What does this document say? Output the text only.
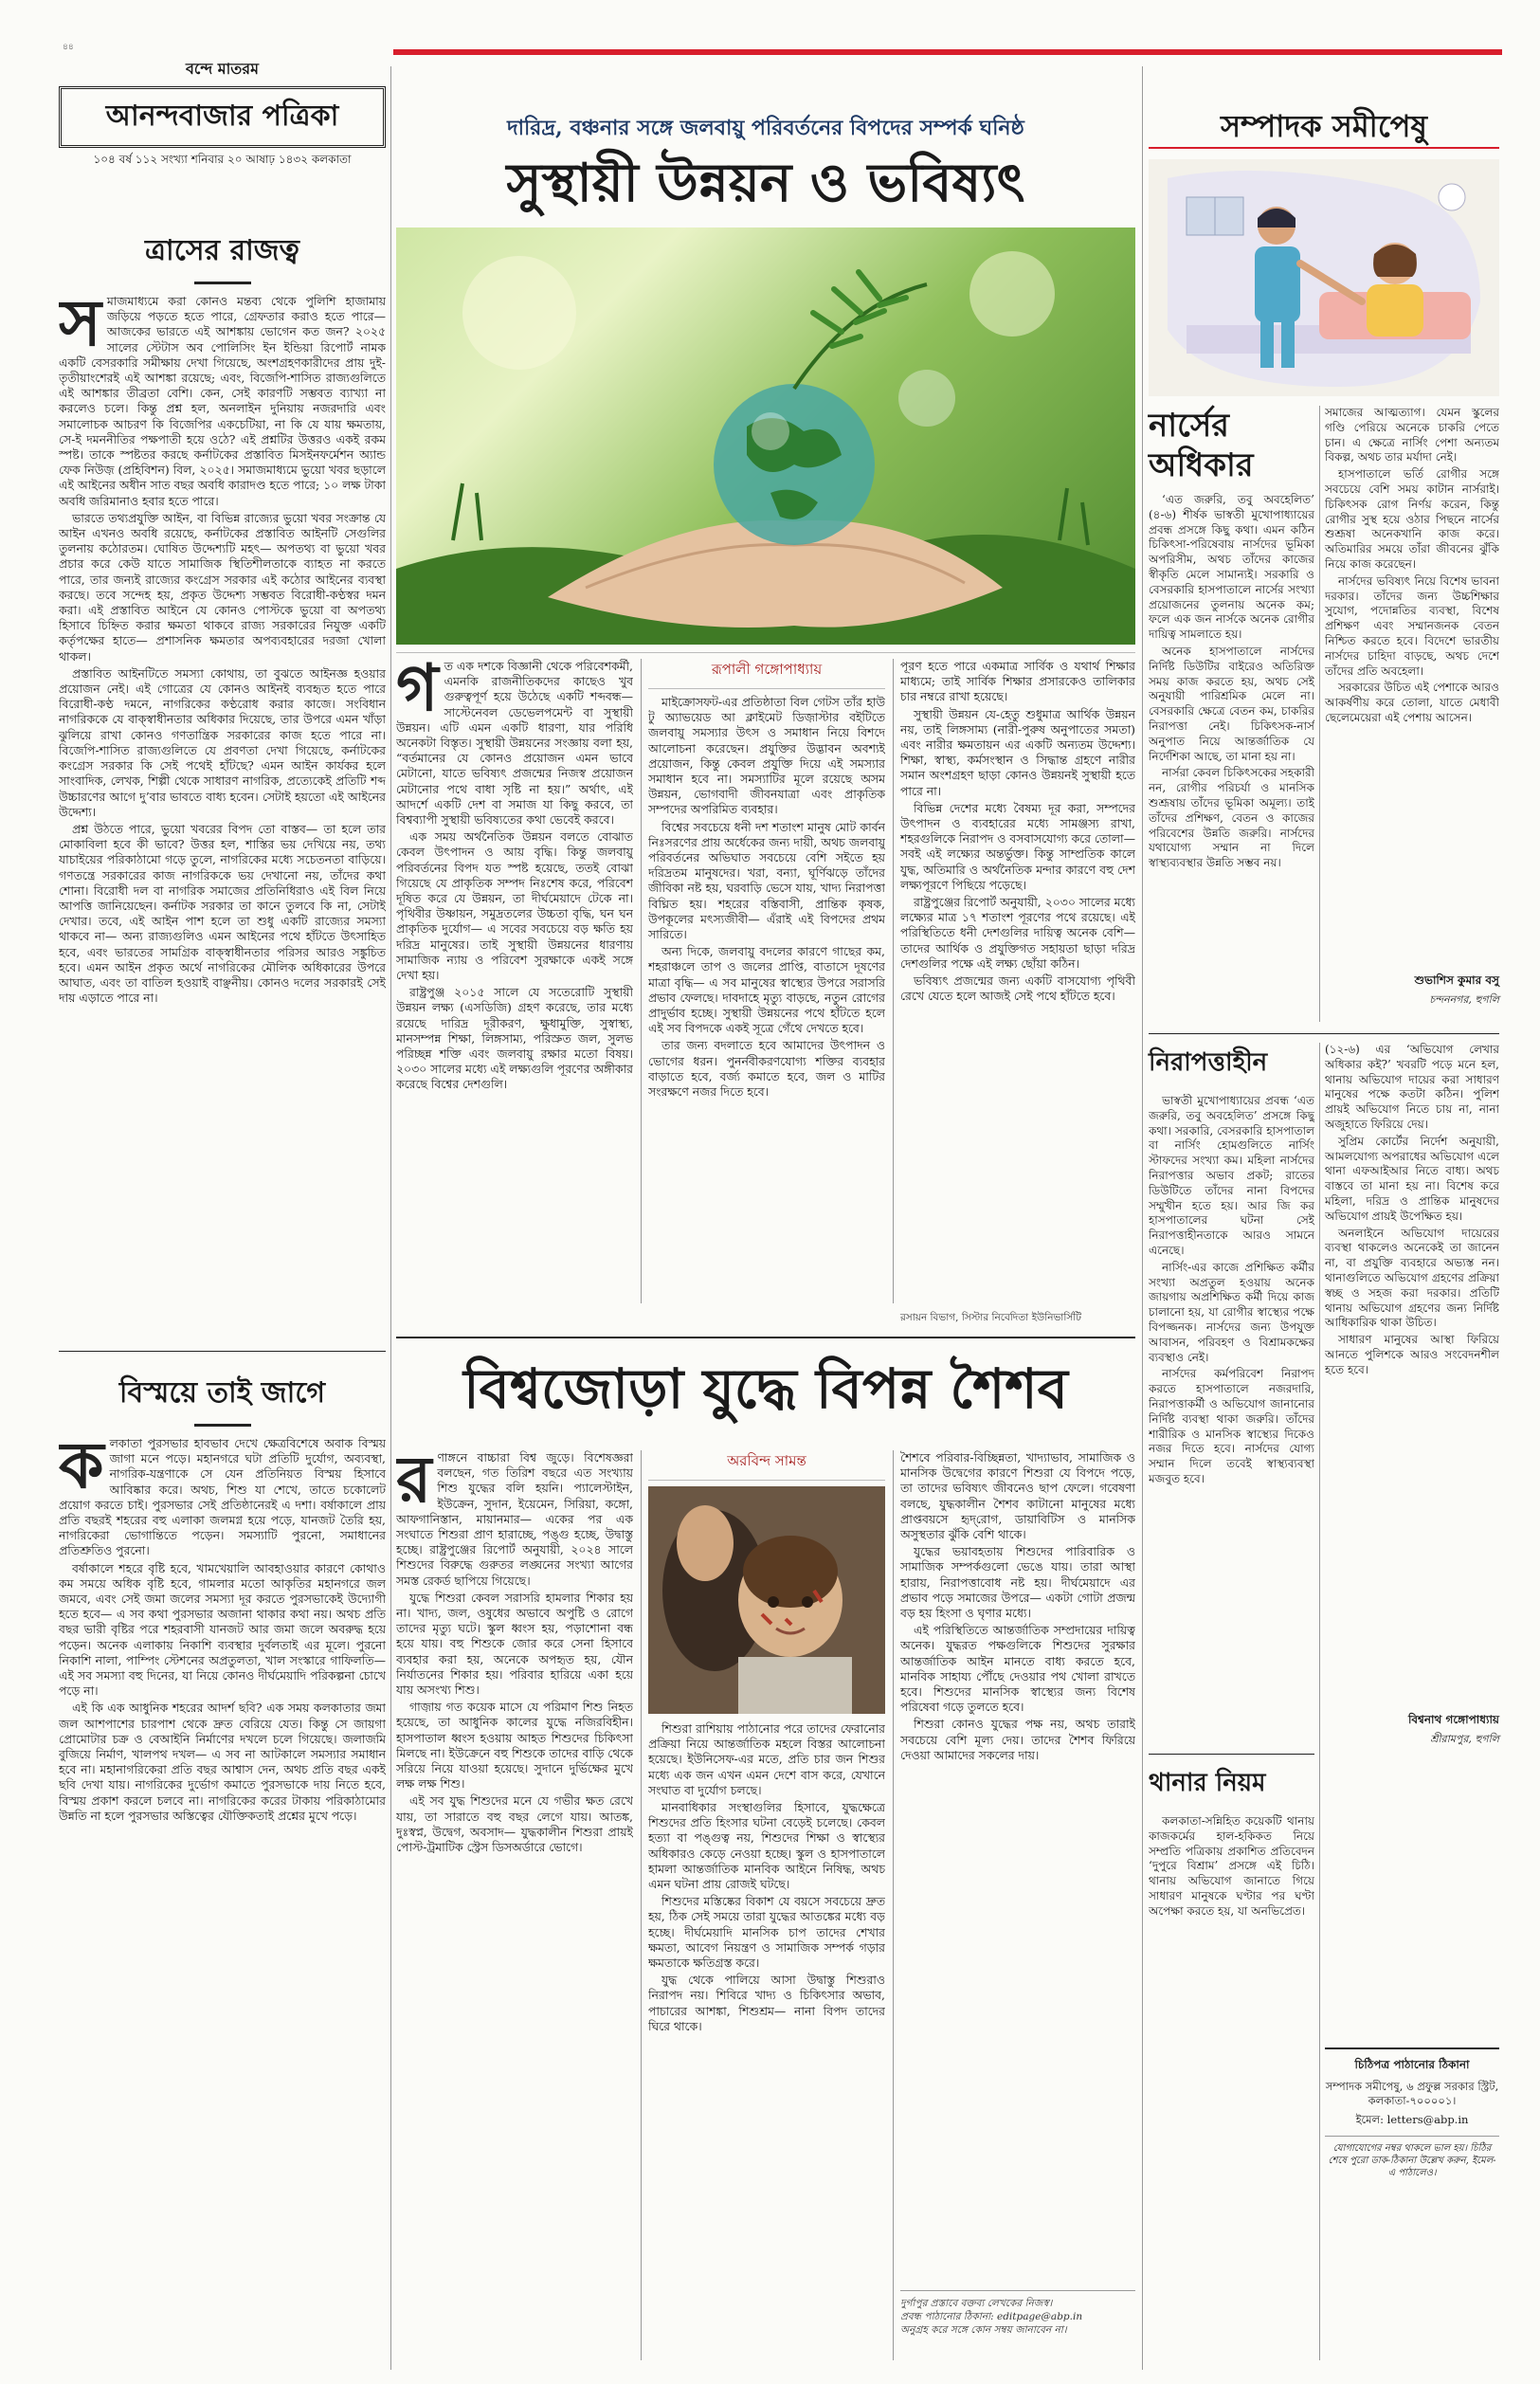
৪৪
বন্দে মাতরম
আনন্দবাজার পত্রিকা
১০৪ বর্ষ ১১২ সংখ্যা শনিবার ২০ আষাঢ় ১৪৩২ কলকাতা
ত্রাসের রাজত্ব
স মাজমাধ্যমে করা কোনও মন্তব্য থেকে পুলিশি হাজামায় জড়িয়ে পড়তে হতে পারে, গ্রেফতার করাও হতে পারে— আজকের ভারতে এই আশঙ্কায় ভোগেন কত জন? ২০২৫ সালের স্টেটাস অব পোলিসিং ইন ইন্ডিয়া রিপোর্ট নামক একটি বেসরকারি সমীক্ষায় দেখা গিয়েছে, অংশগ্রহণকারীদের প্রায় দুই-তৃতীয়াংশেরই এই আশঙ্কা রয়েছে; এবং, বিজেপি-শাসিত রাজ্যগুলিতে এই আশঙ্কার তীব্রতা বেশি। কেন, সেই কারণটি সম্ভবত ব্যাখ্যা না করলেও চলে। কিন্তু প্রশ্ন হল, অনলাইন দুনিয়ায় নজরদারি এবং সমালোচক আচরণ কি বিজেপির একচেটিয়া, না কি যে যায় ক্ষমতায়, সে-ই দমননীতির পক্ষপাতী হয়ে ওঠে? এই প্রশ্নটির উত্তরও একই রকম স্পষ্ট। তাকে স্পষ্টতর করছে কর্নাটকের প্রস্তাবিত মিসইনফর্মেশন অ্যান্ড ফেক নিউজ় (প্রহিবিশন) বিল, ২০২৫। সমাজমাধ্যমে ভুয়ো খবর ছড়ালে এই আইনের অধীন সাত বছর অবধি কারাদণ্ড হতে পারে; ১০ লক্ষ টাকা অবধি জরিমানাও হবার হতে পারে।

ভারতে তথ্যপ্রযুক্তি আইন, বা বিভিন্ন রাজ্যের ভুয়ো খবর সংক্রান্ত যে আইন এখনও অবধি রয়েছে, কর্নাটকের প্রস্তাবিত আইনটি সেগুলির তুলনায় কঠোরতম। ঘোষিত উদ্দেশ্যটি মহৎ— অপতথ্য বা ভুয়ো খবর প্রচার করে কেউ যাতে সামাজিক স্থিতিশীলতাকে ব্যাহত না করতে পারে, তার জন্যই রাজ্যের কংগ্রেস সরকার এই কঠোর আইনের ব্যবস্থা করছে। তবে সন্দেহ হয়, প্রকৃত উদ্দেশ্য সম্ভবত বিরোধী-কণ্ঠস্বর দমন করা। এই প্রস্তাবিত আইনে যে কোনও পোস্টকে ভুয়ো বা অপতথ্য হিসাবে চিহ্নিত করার ক্ষমতা থাকবে রাজ্য সরকারের নিযুক্ত একটি কর্তৃপক্ষের হাতে— প্রশাসনিক ক্ষমতার অপব্যবহারের দরজা খোলা থাকল।

প্রস্তাবিত আইনটিতে সমস্যা কোথায়, তা বুঝতে আইনজ্ঞ হওয়ার প্রয়োজন নেই। এই গোত্রের যে কোনও আইনই ব্যবহৃত হতে পারে বিরোধী-কণ্ঠ দমনে, নাগরিকের কণ্ঠরোধ করার কাজে। সংবিধান নাগরিককে যে বাক্‌স্বাধীনতার অধিকার দিয়েছে, তার উপরে এমন খাঁড়া ঝুলিয়ে রাখা কোনও গণতান্ত্রিক সরকারের কাজ হতে পারে না। বিজেপি-শাসিত রাজ্যগুলিতে যে প্রবণতা দেখা গিয়েছে, কর্নাটকের কংগ্রেস সরকার কি সেই পথেই হাঁটছে? এমন আইন কার্যকর হলে সাংবাদিক, লেখক, শিল্পী থেকে সাধারণ নাগরিক, প্রত্যেকেই প্রতিটি শব্দ উচ্চারণের আগে দু’বার ভাবতে বাধ্য হবেন। সেটাই হয়তো এই আইনের উদ্দেশ্য।

প্রশ্ন উঠতে পারে, ভুয়ো খবরের বিপদ তো বাস্তব— তা হলে তার মোকাবিলা হবে কী ভাবে? উত্তর হল, শাস্তির ভয় দেখিয়ে নয়, তথ্য যাচাইয়ের পরিকাঠামো গড়ে তুলে, নাগরিকের মধ্যে সচেতনতা বাড়িয়ে। গণতন্ত্রে সরকারের কাজ নাগরিককে ভয় দেখানো নয়, তাঁদের কথা শোনা। বিরোধী দল বা নাগরিক সমাজের প্রতিনিধিরাও এই বিল নিয়ে আপত্তি জানিয়েছেন। কর্নাটক সরকার তা কানে তুলবে কি না, সেটাই দেখার। তবে, এই আইন পাশ হলে তা শুধু একটি রাজ্যের সমস্যা থাকবে না— অন্য রাজ্যগুলিও এমন আইনের পথে হাঁটতে উৎসাহিত হবে, এবং ভারতের সামগ্রিক বাক্‌স্বাধীনতার পরিসর আরও সঙ্কুচিত হবে। এমন আইন প্রকৃত অর্থে নাগরিকের মৌলিক অধিকারের উপরে আঘাত, এবং তা বাতিল হওয়াই বাঞ্ছনীয়। কোনও দলের সরকারই সেই দায় এড়াতে পারে না।

বিস্ময়ে তাই জাগে
ক লকাতা পুরসভার হাবভাব দেখে ক্ষেত্রবিশেষে অবাক বিস্ময় জাগা মনে পড়ে। মহানগরে ঘটা প্রতিটি দুর্যোগ, অব্যবস্থা, নাগরিক-যন্ত্রণাকে সে যেন প্রতিনিয়ত বিস্ময় হিসাবে আবিষ্কার করে। অথচ, শিশু যা শেখে, তাতে চকোলেট প্রয়োগ করতে চাই। পুরসভার সেই প্রতিষ্ঠানেরই এ দশা। বর্ষাকালে প্রায় প্রতি বছরই শহরের বহু এলাকা জলমগ্ন হয়ে পড়ে, যানজট তৈরি হয়, নাগরিকেরা ভোগান্তিতে পড়েন। সমস্যাটি পুরনো, সমাধানের প্রতিশ্রুতিও পুরনো।

বর্ষাকালে শহরে বৃষ্টি হবে, খামখেয়ালি আবহাওয়ার কারণে কোথাও কম সময়ে অধিক বৃষ্টি হবে, গামলার মতো আকৃতির মহানগরে জল জমবে, এবং সেই জমা জলের সমস্যা দূর করতে পুরসভাকেই উদ্যোগী হতে হবে— এ সব কথা পুরসভার অজানা থাকার কথা নয়। অথচ প্রতি বছর ভারী বৃষ্টির পরে শহরবাসী যানজট আর জমা জলে অবরুদ্ধ হয়ে পড়েন। অনেক এলাকায় নিকাশি ব্যবস্থার দুর্বলতাই এর মূলে। পুরনো নিকাশি নালা, পাম্পিং স্টেশনের অপ্রতুলতা, খাল সংস্কারে গাফিলতি— এই সব সমস্যা বহু দিনের, যা নিয়ে কোনও দীর্ঘমেয়াদি পরিকল্পনা চোখে পড়ে না।

এই কি এক আধুনিক শহরের আদর্শ ছবি? এক সময় কলকাতার জমা জল আশপাশের চারপাশ থেকে দ্রুত বেরিয়ে যেত। কিন্তু সে জায়গা প্রোমোটার চক্র ও বেআইনি নির্মাণের দখলে চলে গিয়েছে। জলাজমি বুজিয়ে নির্মাণ, খালপথ দখল— এ সব না আটকালে সমস্যার সমাধান হবে না। মহানাগরিকেরা প্রতি বছর আশ্বাস দেন, অথচ প্রতি বছর একই ছবি দেখা যায়। নাগরিকের দুর্ভোগ কমাতে পুরসভাকে দায় নিতে হবে, বিস্ময় প্রকাশ করলে চলবে না। নাগরিকের করের টাকায় পরিকাঠামোর উন্নতি না হলে পুরসভার অস্তিত্বের যৌক্তিকতাই প্রশ্নের মুখে পড়ে।

দারিদ্র, বঞ্চনার সঙ্গে জলবায়ু পরিবর্তনের বিপদের সম্পর্ক ঘনিষ্ঠ
সুস্থায়ী উন্নয়ন ও ভবিষ্যৎ
গ ত এক দশকে বিজ্ঞানী থেকে পরিবেশকর্মী, এমনকি রাজনীতিকদের কাছেও খুব গুরুত্বপূর্ণ হয়ে উঠেছে একটি শব্দবন্ধ— সাস্টেনেবল ডেভেলপমেন্ট বা সুস্থায়ী উন্নয়ন। এটি এমন একটি ধারণা, যার পরিধি অনেকটা বিস্তৃত। সুস্থায়ী উন্নয়নের সংজ্ঞায় বলা হয়, “বর্তমানের যে কোনও প্রয়োজন এমন ভাবে মেটানো, যাতে ভবিষ্যৎ প্রজন্মের নিজস্ব প্রয়োজন মেটানোর পথে বাধা সৃষ্টি না হয়।” অর্থাৎ, এই আদর্শে একটি দেশ বা সমাজ যা কিছু করবে, তা বিশ্বব্যাপী সুস্থায়ী ভবিষ্যতের কথা ভেবেই করবে।

এক সময় অর্থনৈতিক উন্নয়ন বলতে বোঝাত কেবল উৎপাদন ও আয় বৃদ্ধি। কিন্তু জলবায়ু পরিবর্তনের বিপদ যত স্পষ্ট হয়েছে, ততই বোঝা গিয়েছে যে প্রাকৃতিক সম্পদ নিঃশেষ করে, পরিবেশ দূষিত করে যে উন্নয়ন, তা দীর্ঘমেয়াদে টেকে না। পৃথিবীর উষ্ণায়ন, সমুদ্রতলের উচ্চতা বৃদ্ধি, ঘন ঘন প্রাকৃতিক দুর্যোগ— এ সবের সবচেয়ে বড় ক্ষতি হয় দরিদ্র মানুষের। তাই সুস্থায়ী উন্নয়নের ধারণায় সামাজিক ন্যায় ও পরিবেশ সুরক্ষাকে একই সঙ্গে দেখা হয়।

রাষ্ট্রপুঞ্জ ২০১৫ সালে যে সতেরোটি সুস্থায়ী উন্নয়ন লক্ষ্য (এসডিজি) গ্রহণ করেছে, তার মধ্যে রয়েছে দারিদ্র দূরীকরণ, ক্ষুধামুক্তি, সুস্বাস্থ্য, মানসম্পন্ন শিক্ষা, লিঙ্গসাম্য, পরিস্রুত জল, সুলভ পরিচ্ছন্ন শক্তি এবং জলবায়ু রক্ষার মতো বিষয়। ২০৩০ সালের মধ্যে এই লক্ষ্যগুলি পূরণের অঙ্গীকার করেছে বিশ্বের দেশগুলি।

রূপালী গঙ্গোপাধ্যায়

মাইক্রোসফট-এর প্রতিষ্ঠাতা বিল গেটস তাঁর হাউ টু অ্যাভয়েড আ ক্লাইমেট ডিজ়াস্টার বইটিতে জলবায়ু সমস্যার উৎস ও সমাধান নিয়ে বিশদে আলোচনা করেছেন। প্রযুক্তির উদ্ভাবন অবশ্যই প্রয়োজন, কিন্তু কেবল প্রযুক্তি দিয়ে এই সমস্যার সমাধান হবে না। সমস্যাটির মূলে রয়েছে অসম উন্নয়ন, ভোগবাদী জীবনযাত্রা এবং প্রাকৃতিক সম্পদের অপরিমিত ব্যবহার।

বিশ্বের সবচেয়ে ধনী দশ শতাংশ মানুষ মোট কার্বন নিঃসরণের প্রায় অর্ধেকের জন্য দায়ী, অথচ জলবায়ু পরিবর্তনের অভিঘাত সবচেয়ে বেশি সইতে হয় দরিদ্রতম মানুষদের। খরা, বন্যা, ঘূর্ণিঝড়ে তাঁদের জীবিকা নষ্ট হয়, ঘরবাড়ি ভেসে যায়, খাদ্য নিরাপত্তা বিঘ্নিত হয়। শহরের বস্তিবাসী, প্রান্তিক কৃষক, উপকূলের মৎস্যজীবী— এঁরাই এই বিপদের প্রথম সারিতে।

অন্য দিকে, জলবায়ু বদলের কারণে গাছের কম, শহরাঞ্চলে তাপ ও জলের প্রাপ্তি, বাতাসে দূষণের মাত্রা বৃদ্ধি— এ সব মানুষের স্বাস্থ্যের উপরে সরাসরি প্রভাব ফেলছে। দাবদাহে মৃত্যু বাড়ছে, নতুন রোগের প্রাদুর্ভাব হচ্ছে। সুস্থায়ী উন্নয়নের পথে হাঁটতে হলে এই সব বিপদকে একই সূত্রে গেঁথে দেখতে হবে।

তার জন্য বদলাতে হবে আমাদের উৎপাদন ও ভোগের ধরন। পুনর্নবীকরণযোগ্য শক্তির ব্যবহার বাড়াতে হবে, বর্জ্য কমাতে হবে, জল ও মাটির সংরক্ষণে নজর দিতে হবে।

পূরণ হতে পারে একমাত্র সার্বিক ও যথার্থ শিক্ষার মাধ্যমে; তাই সার্বিক শিক্ষার প্রসারকেও তালিকার চার নম্বরে রাখা হয়েছে।

সুস্থায়ী উন্নয়ন যে-হেতু শুধুমাত্র আর্থিক উন্নয়ন নয়, তাই লিঙ্গসাম্য (নারী-পুরুষ অনুপাতের সমতা) এবং নারীর ক্ষমতায়ন এর একটি অন্যতম উদ্দেশ্য। শিক্ষা, স্বাস্থ্য, কর্মসংস্থান ও সিদ্ধান্ত গ্রহণে নারীর সমান অংশগ্রহণ ছাড়া কোনও উন্নয়নই সুস্থায়ী হতে পারে না।

বিভিন্ন দেশের মধ্যে বৈষম্য দূর করা, সম্পদের উৎপাদন ও ব্যবহারের মধ্যে সামঞ্জস্য রাখা, শহরগুলিকে নিরাপদ ও বসবাসযোগ্য করে তোলা— সবই এই লক্ষ্যের অন্তর্ভুক্ত। কিন্তু সাম্প্রতিক কালে যুদ্ধ, অতিমারি ও অর্থনৈতিক মন্দার কারণে বহু দেশ লক্ষ্যপূরণে পিছিয়ে পড়েছে।

রাষ্ট্রপুঞ্জের রিপোর্ট অনুযায়ী, ২০৩০ সালের মধ্যে লক্ষ্যের মাত্র ১৭ শতাংশ পূরণের পথে রয়েছে। এই পরিস্থিতিতে ধনী দেশগুলির দায়িত্ব অনেক বেশি— তাদের আর্থিক ও প্রযুক্তিগত সহায়তা ছাড়া দরিদ্র দেশগুলির পক্ষে এই লক্ষ্য ছোঁয়া কঠিন।

ভবিষ্যৎ প্রজন্মের জন্য একটি বাসযোগ্য পৃথিবী রেখে যেতে হলে আজই সেই পথে হাঁটতে হবে।

রসায়ন বিভাগ, সিস্টার নিবেদিতা ইউনিভার্সিটি
বিশ্বজোড়া যুদ্ধে বিপন্ন শৈশব
র ণাঙ্গনে বাচ্চারা বিশ্ব জুড়ে। বিশেষজ্ঞরা বলছেন, গত তিরিশ বছরে এত সংখ্যায় শিশু যুদ্ধের বলি হয়নি। প্যালেস্টাইন, ইউক্রেন, সুদান, ইয়েমেন, সিরিয়া, কঙ্গো, আফগানিস্তান, মায়ানমার— একের পর এক সংঘাতে শিশুরা প্রাণ হারাচ্ছে, পঙ্গু হচ্ছে, উদ্বাস্তু হচ্ছে। রাষ্ট্রপুঞ্জের রিপোর্ট অনুযায়ী, ২০২৪ সালে শিশুদের বিরুদ্ধে গুরুতর লঙ্ঘনের সংখ্যা আগের সমস্ত রেকর্ড ছাপিয়ে গিয়েছে।

যুদ্ধে শিশুরা কেবল সরাসরি হামলার শিকার হয় না। খাদ্য, জল, ওষুধের অভাবে অপুষ্টি ও রোগে তাদের মৃত্যু ঘটে। স্কুল ধ্বংস হয়, পড়াশোনা বন্ধ হয়ে যায়। বহু শিশুকে জোর করে সেনা হিসাবে ব্যবহার করা হয়, অনেকে অপহৃত হয়, যৌন নির্যাতনের শিকার হয়। পরিবার হারিয়ে একা হয়ে যায় অসংখ্য শিশু।

গাজ়ায় গত কয়েক মাসে যে পরিমাণ শিশু নিহত হয়েছে, তা আধুনিক কালের যুদ্ধে নজিরবিহীন। হাসপাতাল ধ্বংস হওয়ায় আহত শিশুদের চিকিৎসা মিলছে না। ইউক্রেনে বহু শিশুকে তাদের বাড়ি থেকে সরিয়ে নিয়ে যাওয়া হয়েছে। সুদানে দুর্ভিক্ষের মুখে লক্ষ লক্ষ শিশু।

এই সব যুদ্ধ শিশুদের মনে যে গভীর ক্ষত রেখে যায়, তা সারাতে বহু বছর লেগে যায়। আতঙ্ক, দুঃস্বপ্ন, উদ্বেগ, অবসাদ— যুদ্ধকালীন শিশুরা প্রায়ই পোস্ট-ট্রমাটিক স্ট্রেস ডিসঅর্ডারে ভোগে।

অরবিন্দ সামন্ত

শিশুরা রাশিয়ায় পাঠানোর পরে তাদের ফেরানোর প্রক্রিয়া নিয়ে আন্তর্জাতিক মহলে বিস্তর আলোচনা হয়েছে। ইউনিসেফ-এর মতে, প্রতি চার জন শিশুর মধ্যে এক জন এখন এমন দেশে বাস করে, যেখানে সংঘাত বা দুর্যোগ চলছে।

মানবাধিকার সংস্থাগুলির হিসাবে, যুদ্ধক্ষেত্রে শিশুদের প্রতি হিংসার ঘটনা বেড়েই চলেছে। কেবল হত্যা বা পঙ্গুত্ব নয়, শিশুদের শিক্ষা ও স্বাস্থ্যের অধিকারও কেড়ে নেওয়া হচ্ছে। স্কুল ও হাসপাতালে হামলা আন্তর্জাতিক মানবিক আইনে নিষিদ্ধ, অথচ এমন ঘটনা প্রায় রোজই ঘটছে।

শিশুদের মস্তিষ্কের বিকাশ যে বয়সে সবচেয়ে দ্রুত হয়, ঠিক সেই সময়ে তারা যুদ্ধের আতঙ্কের মধ্যে বড় হচ্ছে। দীর্ঘমেয়াদি মানসিক চাপ তাদের শেখার ক্ষমতা, আবেগ নিয়ন্ত্রণ ও সামাজিক সম্পর্ক গড়ার ক্ষমতাকে ক্ষতিগ্রস্ত করে।

যুদ্ধ থেকে পালিয়ে আসা উদ্বাস্তু শিশুরাও নিরাপদ নয়। শিবিরে খাদ্য ও চিকিৎসার অভাব, পাচারের আশঙ্কা, শিশুশ্রম— নানা বিপদ তাদের ঘিরে থাকে।

শৈশবে পরিবার-বিচ্ছিন্নতা, খাদ্যাভাব, সামাজিক ও মানসিক উদ্বেগের কারণে শিশুরা যে বিপদে পড়ে, তা তাদের ভবিষ্যৎ জীবনেও ছাপ ফেলে। গবেষণা বলছে, যুদ্ধকালীন শৈশব কাটানো মানুষের মধ্যে প্রাপ্তবয়সে হৃদ্‌রোগ, ডায়াবিটিস ও মানসিক অসুস্থতার ঝুঁকি বেশি থাকে।

যুদ্ধের ভয়াবহতায় শিশুদের পারিবারিক ও সামাজিক সম্পর্কগুলো ভেঙে যায়। তারা আস্থা হারায়, নিরাপত্তাবোধ নষ্ট হয়। দীর্ঘমেয়াদে এর প্রভাব পড়ে সমাজের উপরে— একটা গোটা প্রজন্ম বড় হয় হিংসা ও ঘৃণার মধ্যে।

এই পরিস্থিতিতে আন্তর্জাতিক সম্প্রদায়ের দায়িত্ব অনেক। যুদ্ধরত পক্ষগুলিকে শিশুদের সুরক্ষার আন্তর্জাতিক আইন মানতে বাধ্য করতে হবে, মানবিক সাহায্য পৌঁছে দেওয়ার পথ খোলা রাখতে হবে। শিশুদের মানসিক স্বাস্থ্যের জন্য বিশেষ পরিষেবা গড়ে তুলতে হবে।

শিশুরা কোনও যুদ্ধের পক্ষ নয়, অথচ তারাই সবচেয়ে বেশি মূল্য দেয়। তাদের শৈশব ফিরিয়ে দেওয়া আমাদের সকলের দায়।

দুর্গাপুর প্রস্তাবে বক্তব্য লেখকের নিজস্ব।
প্রবন্ধ পাঠানোর ঠিকানা: editpage@abp.in
অনুগ্রহ করে সঙ্গে কোন সম্বয় জানাবেন না।
সম্পাদক সমীপেষু
নার্সের অধিকার

‘এত জরুরি, তবু অবহেলিত’ (৪-৬) শীর্ষক ভাস্বতী মুখোপাধ্যায়ের প্রবন্ধ প্রসঙ্গে কিছু কথা। এমন কঠিন চিকিৎসা-পরিষেবায় নার্সদের ভূমিকা অপরিসীম, অথচ তাঁদের কাজের স্বীকৃতি মেলে সামান্যই। সরকারি ও বেসরকারি হাসপাতালে নার্সের সংখ্যা প্রয়োজনের তুলনায় অনেক কম; ফলে এক জন নার্সকে অনেক রোগীর দায়িত্ব সামলাতে হয়।

অনেক হাসপাতালে নার্সদের নির্দিষ্ট ডিউটির বাইরেও অতিরিক্ত সময় কাজ করতে হয়, অথচ সেই অনুযায়ী পারিশ্রমিক মেলে না। বেসরকারি ক্ষেত্রে বেতন কম, চাকরির নিরাপত্তা নেই। চিকিৎসক-নার্স অনুপাত নিয়ে আন্তর্জাতিক যে নির্দেশিকা আছে, তা মানা হয় না।

নার্সরা কেবল চিকিৎসকের সহকারী নন, রোগীর পরিচর্যা ও মানসিক শুশ্রূষায় তাঁদের ভূমিকা অমূল্য। তাই তাঁদের প্রশিক্ষণ, বেতন ও কাজের পরিবেশের উন্নতি জরুরি। নার্সদের যথাযোগ্য সম্মান না দিলে স্বাস্থ্যব্যবস্থার উন্নতি সম্ভব নয়।

সমাজের আত্মত্যাগ। যেমন স্কুলের গণ্ডি পেরিয়ে অনেকে চাকরি পেতে চান। এ ক্ষেত্রে নার্সিং পেশা অন্যতম বিকল্প, অথচ তার মর্যাদা নেই।

হাসপাতালে ভর্তি রোগীর সঙ্গে সবচেয়ে বেশি সময় কাটান নার্সরাই। চিকিৎসক রোগ নির্ণয় করেন, কিন্তু রোগীর সুস্থ হয়ে ওঠার পিছনে নার্সের শুশ্রূষা অনেকখানি কাজ করে। অতিমারির সময়ে তাঁরা জীবনের ঝুঁকি নিয়ে কাজ করেছেন।

নার্সদের ভবিষ্যৎ নিয়ে বিশেষ ভাবনা দরকার। তাঁদের জন্য উচ্চশিক্ষার সুযোগ, পদোন্নতির ব্যবস্থা, বিশেষ প্রশিক্ষণ এবং সম্মানজনক বেতন নিশ্চিত করতে হবে। বিদেশে ভারতীয় নার্সদের চাহিদা বাড়ছে, অথচ দেশে তাঁদের প্রতি অবহেলা।

সরকারের উচিত এই পেশাকে আরও আকর্ষণীয় করে তোলা, যাতে মেধাবী ছেলেমেয়েরা এই পেশায় আসেন।

শুভাশিস কুমার বসু
চন্দননগর, হুগলি
নিরাপত্তাহীন

ভাস্বতী মুখোপাধ্যায়ের প্রবন্ধ ‘এত জরুরি, তবু অবহেলিত’ প্রসঙ্গে কিছু কথা। সরকারি, বেসরকারি হাসপাতাল বা নার্সিং হোমগুলিতে নার্সিং স্টাফদের সংখ্যা কম। মহিলা নার্সদের নিরাপত্তার অভাব প্রকট; রাতের ডিউটিতে তাঁদের নানা বিপদের সম্মুখীন হতে হয়। আর জি কর হাসপাতালের ঘটনা সেই নিরাপত্তাহীনতাকে আরও সামনে এনেছে।

নার্সিং-এর কাজে প্রশিক্ষিত কর্মীর সংখ্যা অপ্রতুল হওয়ায় অনেক জায়গায় অপ্রশিক্ষিত কর্মী দিয়ে কাজ চালানো হয়, যা রোগীর স্বাস্থ্যের পক্ষে বিপজ্জনক। নার্সদের জন্য উপযুক্ত আবাসন, পরিবহণ ও বিশ্রামকক্ষের ব্যবস্থাও নেই।

নার্সদের কর্মপরিবেশ নিরাপদ করতে হাসপাতালে নজরদারি, নিরাপত্তাকর্মী ও অভিযোগ জানানোর নির্দিষ্ট ব্যবস্থা থাকা জরুরি। তাঁদের শারীরিক ও মানসিক স্বাস্থ্যের দিকেও নজর দিতে হবে। নার্সদের যোগ্য সম্মান দিলে তবেই স্বাস্থ্যব্যবস্থা মজবুত হবে।

(১২-৬) এর ‘অভিযোগ লেখার অধিকার কই?’ খবরটি পড়ে মনে হল, থানায় অভিযোগ দায়ের করা সাধারণ মানুষের পক্ষে কতটা কঠিন। পুলিশ প্রায়ই অভিযোগ নিতে চায় না, নানা অজুহাতে ফিরিয়ে দেয়।

সুপ্রিম কোর্টের নির্দেশ অনুযায়ী, আমলযোগ্য অপরাধের অভিযোগ এলে থানা এফআইআর নিতে বাধ্য। অথচ বাস্তবে তা মানা হয় না। বিশেষ করে মহিলা, দরিদ্র ও প্রান্তিক মানুষদের অভিযোগ প্রায়ই উপেক্ষিত হয়।

অনলাইনে অভিযোগ দায়েরের ব্যবস্থা থাকলেও অনেকেই তা জানেন না, বা প্রযুক্তি ব্যবহারে অভ্যস্ত নন। থানাগুলিতে অভিযোগ গ্রহণের প্রক্রিয়া স্বচ্ছ ও সহজ করা দরকার। প্রতিটি থানায় অভিযোগ গ্রহণের জন্য নির্দিষ্ট আধিকারিক থাকা উচিত।

সাধারণ মানুষের আস্থা ফিরিয়ে আনতে পুলিশকে আরও সংবেদনশীল হতে হবে।

বিশ্বনাথ গঙ্গোপাধ্যায়
শ্রীরামপুর, হুগলি
থানার নিয়ম

কলকাতা-সন্নিহিত কয়েকটি থানায় কাজকর্মের হাল-হকিকত নিয়ে সম্প্রতি পত্রিকায় প্রকাশিত প্রতিবেদন ‘দুপুরে বিশ্রাম’ প্রসঙ্গে এই চিঠি। থানায় অভিযোগ জানাতে গিয়ে সাধারণ মানুষকে ঘণ্টার পর ঘণ্টা অপেক্ষা করতে হয়, যা অনভিপ্রেত।

চিঠিপত্র পাঠানোর ঠিকানা
সম্পাদক সমীপেষু, ৬ প্রফুল্ল সরকার স্ট্রিট, কলকাতা-৭০০০০১।
ইমেল: letters@abp.in
যোগাযোগের নম্বর থাকলে ভাল হয়। চিঠির শেষে পুরো ডাক-ঠিকানা উল্লেখ করুন, ইমেল-এ পাঠালেও।
